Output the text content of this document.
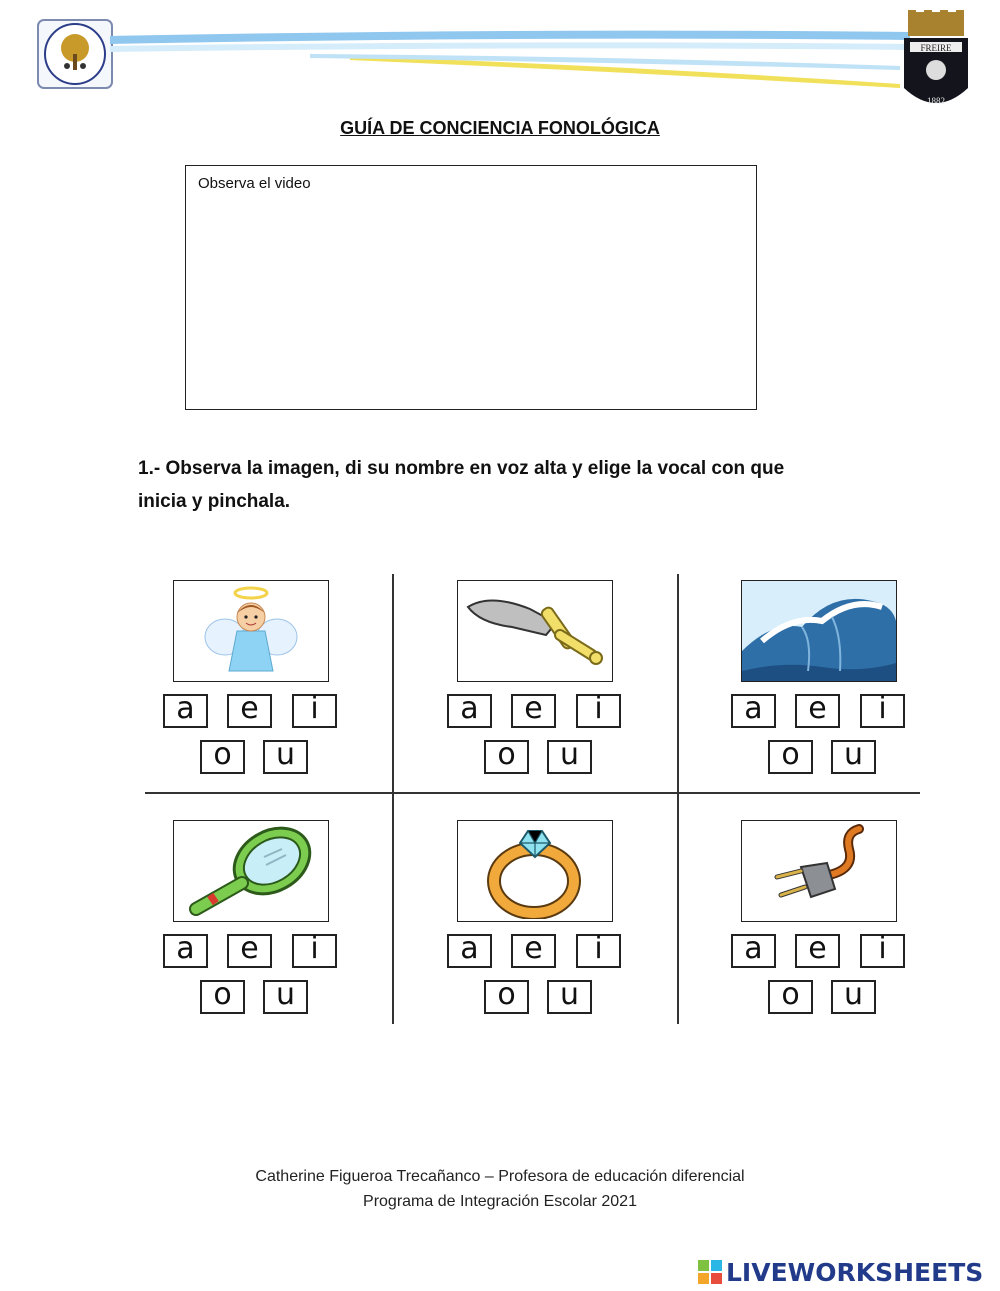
FREIRE
1882
GUÍA DE CONCIENCIA FONOLÓGICA
Observa el video
1.- Observa la imagen, di su nombre en voz alta y elige la vocal con que
inicia y pinchala.
a	e	i
o	u
a	e	i
o	u
a	e	i
o	u
a	e	i
o	u
a	e	i
o	u
a	e	i
o	u
Catherine Figueroa Trecañanco – Profesora de educación diferencial
Programa de Integración Escolar 2021
LIVEWORKSHEETS
